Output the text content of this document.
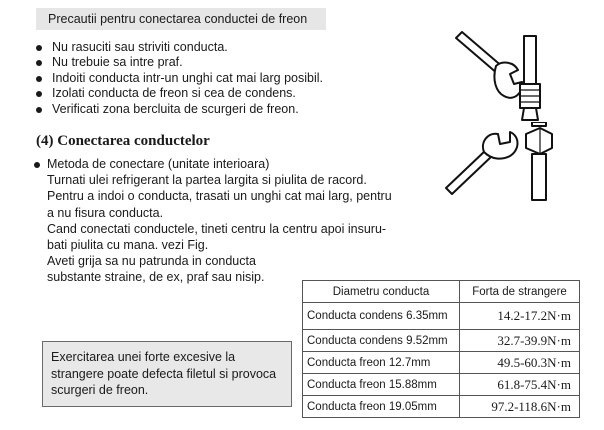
Precautii pentru conectarea conductei de freon
Nu rasuciti sau striviti conducta.
Nu trebuie sa intre praf.
Indoiti conducta intr-un unghi cat mai larg posibil.
Izolati conducta de freon si cea de condens.
Verificati zona bercluita de scurgeri de freon.
(4) Conectarea conductelor
Metoda de conectare (unitate interioara)
Turnati ulei refrigerant la partea largita si piulita de racord.
Pentru a indoi o conducta, trasati un unghi cat mai larg, pentru
a nu fisura conducta.
Cand conectati conductele, tineti centru la centru apoi insuru-
bati piulita cu mana. vezi Fig.
Aveti grija sa nu patrunda in conducta
substante straine, de ex, praf sau nisip.
Exercitarea unei forte excesive la
strangere poate defecta filetul si provoca
scurgeri de freon.
Diametru conducta	Forta de strangere
Conducta condens 6.35mm	14.2-17.2N·m
Conducta condens 9.52mm	32.7-39.9N·m
Conducta freon 12.7mm	49.5-60.3N·m
Conducta freon 15.88mm	61.8-75.4N·m
Conducta freon 19.05mm	97.2-118.6N·m
